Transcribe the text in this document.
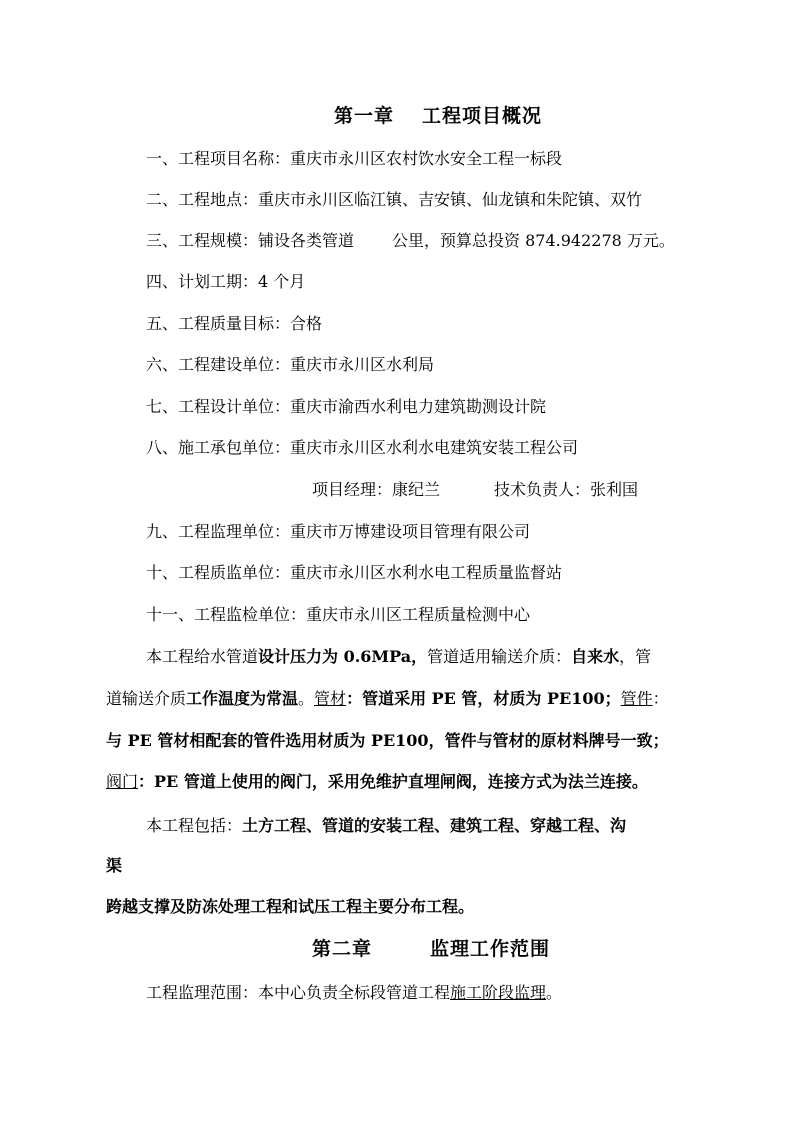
第一章 工程项目概况
一、工程项目名称：重庆市永川区农村饮水安全工程一标段
二、工程地点：重庆市永川区临江镇、吉安镇、仙龙镇和朱陀镇、双竹
三、工程规模：铺设各类管道 公里，预算总投资 874.942278 万元。
四、计划工期：4 个月
五、工程质量目标：合格
六、工程建设单位：重庆市永川区水利局
七、工程设计单位：重庆市渝西水利电力建筑勘测设计院
八、施工承包单位：重庆市永川区水利水电建筑安装工程公司
项目经理：康纪兰	技术负责人：张利国
九、工程监理单位：重庆市万博建设项目管理有限公司
十、工程质监单位：重庆市永川区水利水电工程质量监督站
十一、工程监检单位：重庆市永川区工程质量检测中心
本工程给水管道设计压力为 0.6MPa，管道适用输送介质：自来水，管
道输送介质工作温度为常温。管材：管道采用 PE 管，材质为 PE100；管件：
与 PE 管材相配套的管件选用材质为 PE100，管件与管材的原材料牌号一致；
阀门：PE 管道上使用的阀门，采用免维护直埋闸阀，连接方式为法兰连接。
本工程包括：土方工程、管道的安装工程、建筑工程、穿越工程、沟
渠
跨越支撑及防冻处理工程和试压工程主要分布工程。
第二章	监理工作范围
工程监理范围：本中心负责全标段管道工程施工阶段监理。
